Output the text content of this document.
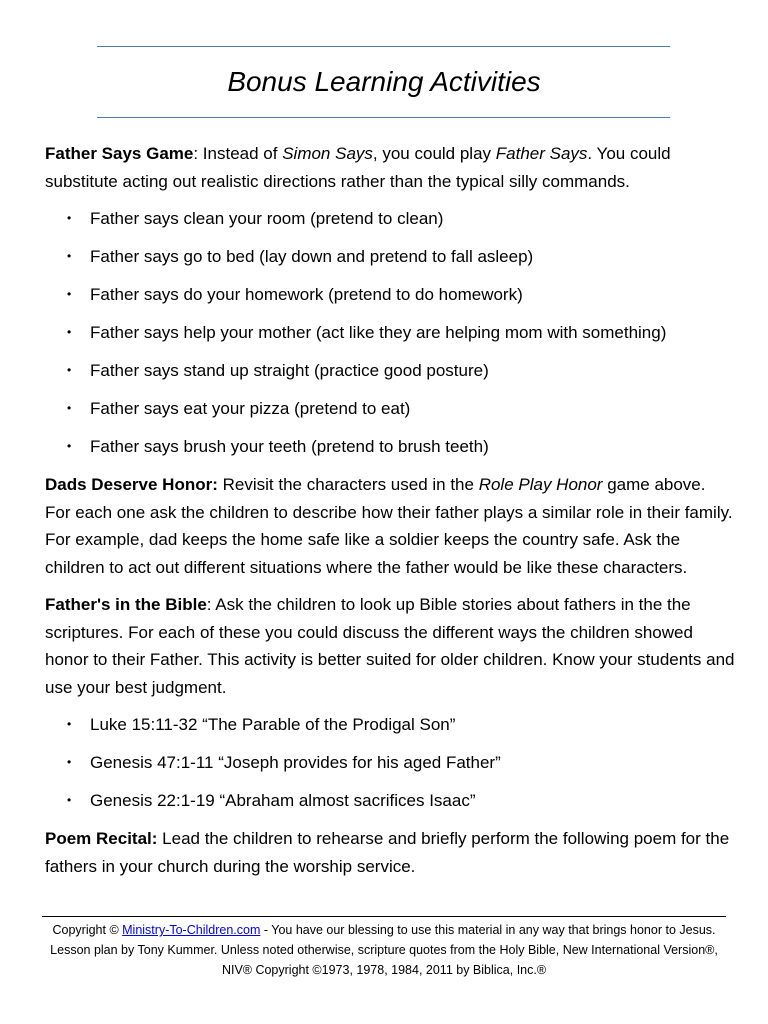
Bonus Learning Activities

Father Says Game: Instead of Simon Says, you could play Father Says. You could substitute acting out realistic directions rather than the typical silly commands.

• Father says clean your room (pretend to clean)
• Father says go to bed (lay down and pretend to fall asleep)
• Father says do your homework (pretend to do homework)
• Father says help your mother (act like they are helping mom with something)
• Father says stand up straight (practice good posture)
• Father says eat your pizza (pretend to eat)
• Father says brush your teeth (pretend to brush teeth)

Dads Deserve Honor: Revisit the characters used in the Role Play Honor game above. For each one ask the children to describe how their father plays a similar role in their family. For example, dad keeps the home safe like a soldier keeps the country safe. Ask the children to act out different situations where the father would be like these characters.

Father's in the Bible: Ask the children to look up Bible stories about fathers in the the scriptures. For each of these you could discuss the different ways the children showed honor to their Father. This activity is better suited for older children. Know your students and use your best judgment.

• Luke 15:11-32 “The Parable of the Prodigal Son”
• Genesis 47:1-11 “Joseph provides for his aged Father”
• Genesis 22:1-19 “Abraham almost sacrifices Isaac”

Poem Recital: Lead the children to rehearse and briefly perform the following poem for the fathers in your church during the worship service.

Copyright © Ministry-To-Children.com - You have our blessing to use this material in any way that brings honor to Jesus. Lesson plan by Tony Kummer. Unless noted otherwise, scripture quotes from the Holy Bible, New International Version®, NIV® Copyright ©1973, 1978, 1984, 2011 by Biblica, Inc.®
